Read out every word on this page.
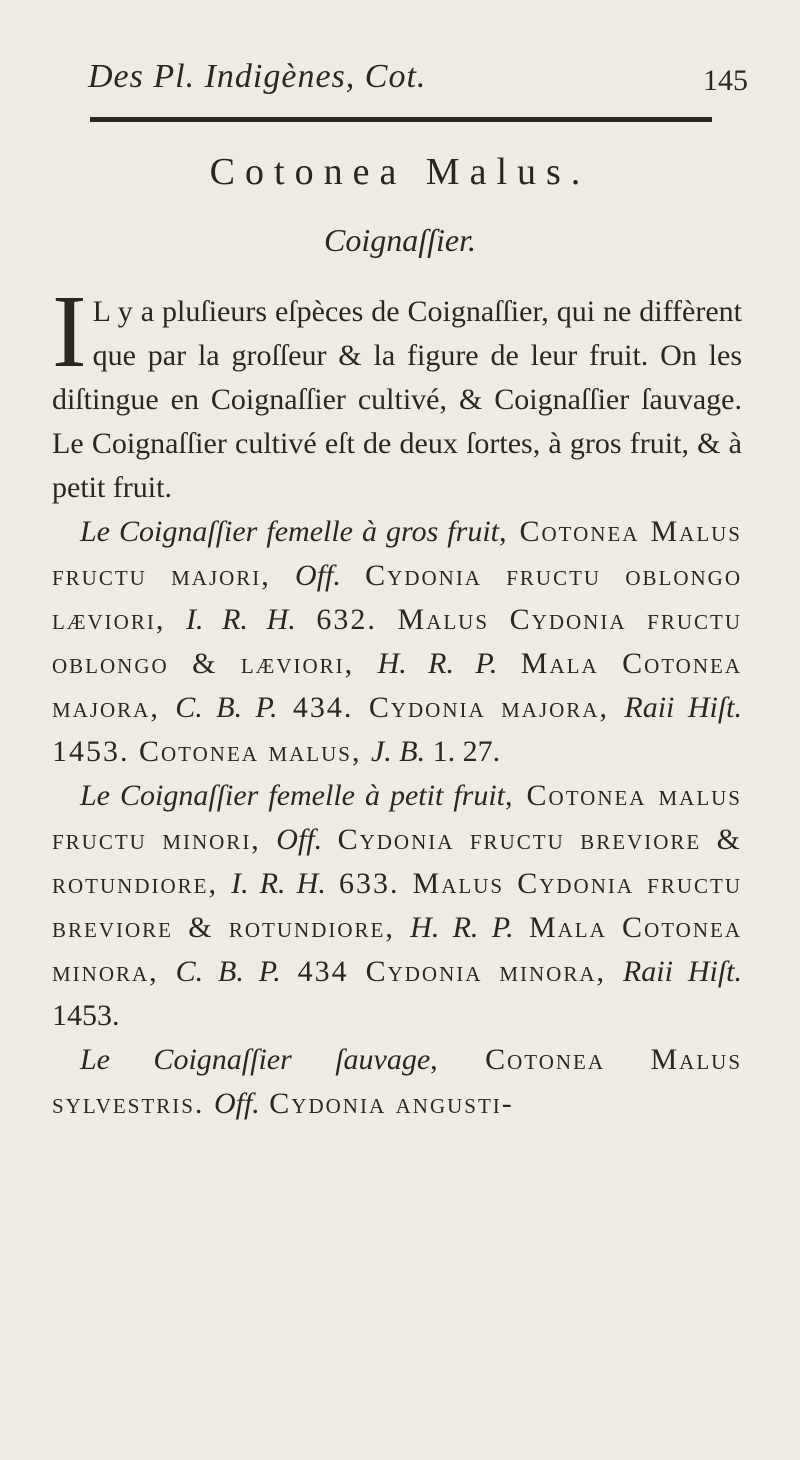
Des Pl. Indigènes, Cot.	145
Cotonea Malus.
Coignaſſier.

I L y a pluſieurs eſpèces de Coignaſſier, qui ne diffèrent que par la groſſeur & la figure de leur fruit. On les diſtingue en Coignaſſier cultivé, & Coignaſſier ſauvage. Le Coignaſſier cultivé eſt de deux ſortes, à gros fruit, & à petit fruit.

Le Coignaſſier femelle à gros fruit, Cotonea Malus fructu majori, Off. Cydonia fructu oblongo læviori, I. R. H. 632. Malus Cydonia fructu oblongo & læviori, H. R. P. Mala Cotonea majora, C. B. P. 434. Cydonia majora, Raii Hiſt. 1453. Cotonea malus, J. B. 1. 27.

Le Coignaſſier femelle à petit fruit, Cotonea malus fructu minori, Off. Cydonia fructu breviore & rotundiore, I. R. H. 633. Malus Cydonia fructu breviore & rotundiore, H. R. P. Mala Cotonea minora, C. B. P. 434 Cydonia minora, Raii Hiſt. 1453.

Le Coignaſſier ſauvage, Cotonea Malus ſylveſtris. Off. Cydonia anguſti-
